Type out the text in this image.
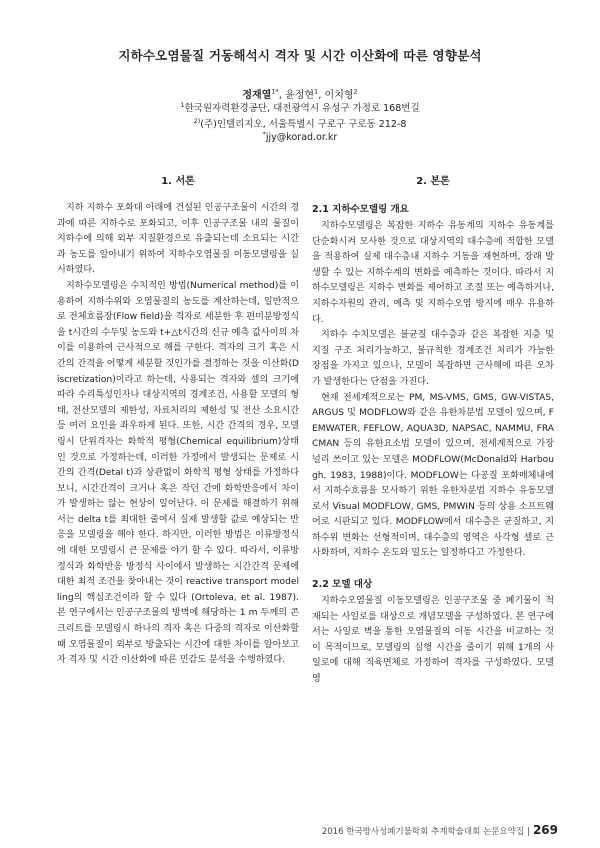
지하수오염물질 거동해석시 격자 및 시간 이산화에 따른 영향분석
정재열$^{1*}$, 윤정현$^1$, 이치형$^2$
$^1$한국원자력환경공단, 대전광역시 유성구 가정로 168번길
$^{2)}$(주)인텔리지오, 서울특별시 구로구 구로동 212-8
*jjy@korad.or.kr
1. 서론

지하 지하수 포화대 아래에 건설된 인공구조물이 시간의 경과에 따른 지하수로 포화되고, 이후 인공구조물 내의 물질이 지하수에 의해 외부 지질환경으로 유출되는데 소요되는 시간과 농도를 알아내기 위하여 지하수오염물질 이동모델링을 실시하였다.

지하수모델링은 수치적인 방법(Numerical method)를 이용하여 지하수위와 오염물질의 농도를 계산하는데, 일반적으로 전체흐름장(Flow field)을 격자로 세분한 후 편미분방정식을 t시간의 수두및 농도와 t+△t시간의 신규 예측 값사이의 차이를 이용하여 근사적으로 해를 구한다. 격자의 크기 혹은 시간의 간격을 어떻게 세분할 것인가를 결정하는 것을 이산화(Discretization)이라고 하는데, 사용되는 격자와 셀의 크기에 따라 수리특성인자나 대상지역의 경계조건, 사용할 모델의 형태, 전산모델의 제한성, 자료처리의 제한성 및 전산 소요시간등 여러 요인을 좌우하게 된다. 또한, 시간 간격의 경우, 모델링시 단위격자는 화학적 평형(Chemical equilibrium)상태인 것으로 가정하는데, 이러한 가정에서 발생되는 문제로 시간의 간격(Detal t)과 상관없이 화학적 평형 상태를 가정하다 보니, 시간간격이 크거나 혹은 작던 간에 화학반응에서 차이가 발생하는 않는 현상이 일어난다. 이 문제를 해결하기 위해서는 delta t를 최대한 줄여서 실제 발생할 값로 예상되는 반응을 모델링을 해야 한다. 하지만, 이러한 방법은 이류방정식에 대한 모델링시 큰 문제를 야기 할 수 있다. 따라서, 이류방정식과 화학반응 방정식 사이에서 발생하는 시간간격 문제에 대한 최적 조건을 찾아내는 것이 reactive transport modelling의 핵심조건이라 할 수 있다 (Ortoleva, et al. 1987). 본 연구에서는 인공구조물의 방벽에 해당하는 1 m 두께의 콘크리트를 모델링시 하나의 격자 혹은 다중의 격자로 이산화할 때 오염물질이 외부로 방출되는 시간에 대한 차이를 알아보고자 격자 및 시간 이산화에 따른 민감도 분석을 수행하였다.

2. 본론
2.1 지하수모델링 개요

지하수모델링은 복잡한 지하수 유동계의 지하수 유동계를 단순화시켜 모사한 것으로 대상지역의 대수층에 적합한 모델을 적용하여 실제 대수층내 지하수 거동을 재현하며, 장래 발생할 수 있는 지하수계의 변화를 예측하는 것이다. 따라서 지하수모델링은 지하수 변화를 제어하고 조절 또는 예측하거나, 지하수자원의 관리, 예측 및 지하수오염 방지에 매우 유용하다.

지하수 수치모델은 불균질 대수층과 같은 복잡한 지층 및 지질 구조 처리가능하고, 불규칙한 경계조건 처리가 가능한 장점을 가지고 있으나, 모델이 복잡하면 근사해에 따른 오차가 발생한다는 단점을 가진다.

현재 전세계적으로는 PM, MS-VMS, GMS, GW-VISTAS, ARGUS 및 MODFLOW와 같은 유한차분법 모델이 있으며, FEMWATER, FEFLOW, AQUA3D, NAPSAC, NAMMU, FRACMAN 등의 유한요소법 모델이 있으며, 전세계적으로 가장 널리 쓰이고 있는 모델은 MODFLOW(McDonald와 Harbough, 1983, 1988)이다. MODFLOW는 다공질 포화매체내에서 지하수흐름을 모사하기 위한 유한차분법 지하수 유동모델로서 Visual MODFLOW, GMS, PMWIN 등의 상용 소프트웨어로 시판되고 있다. MODFLOW에서 대수층은 균질하고, 지하수위 변화는 선형적이며, 대수층의 영역은 사각형 셀로 근사화하며, 지하수 온도와 밀도는 일정하다고 가정한다.

2.2 모델 대상

지하수오염물질 이동모델링은 인공구조물 중 폐기물이 적재되는 사일로를 대상으로 개념모델을 구성하였다. 본 연구에서는 사일로 벽을 통한 오염물질의 이동 시간을 비교하는 것이 목적이므로, 모델링의 실행 시간을 줄이기 위해 1개의 사일로에 대해 직육면체로 가정하여 격자를 구성하였다. 모델 영

2016 한국방사성폐기물학회 추계학술대회 논문요약집 | 269
